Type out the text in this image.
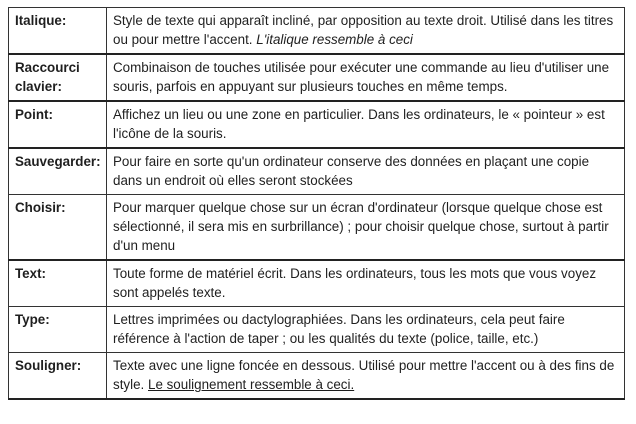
Italique:	Style de texte qui apparaît incliné, par opposition au texte droit. Utilisé dans les titres ou pour mettre l'accent. L'italique ressemble à ceci
Raccourci clavier:	Combinaison de touches utilisée pour exécuter une commande au lieu d'utiliser une souris, parfois en appuyant sur plusieurs touches en même temps.
Point:	Affichez un lieu ou une zone en particulier. Dans les ordinateurs, le « pointeur » est l'icône de la souris.
Sauvegarder:	Pour faire en sorte qu'un ordinateur conserve des données en plaçant une copie dans un endroit où elles seront stockées
Choisir:	Pour marquer quelque chose sur un écran d'ordinateur (lorsque quelque chose est sélectionné, il sera mis en surbrillance) ; pour choisir quelque chose, surtout à partir d'un menu
Text:	Toute forme de matériel écrit. Dans les ordinateurs, tous les mots que vous voyez sont appelés texte.
Type:	Lettres imprimées ou dactylographiées. Dans les ordinateurs, cela peut faire référence à l'action de taper ; ou les qualités du texte (police, taille, etc.)
Souligner:	Texte avec une ligne foncée en dessous. Utilisé pour mettre l'accent ou à des fins de style. Le soulignement ressemble à ceci.
